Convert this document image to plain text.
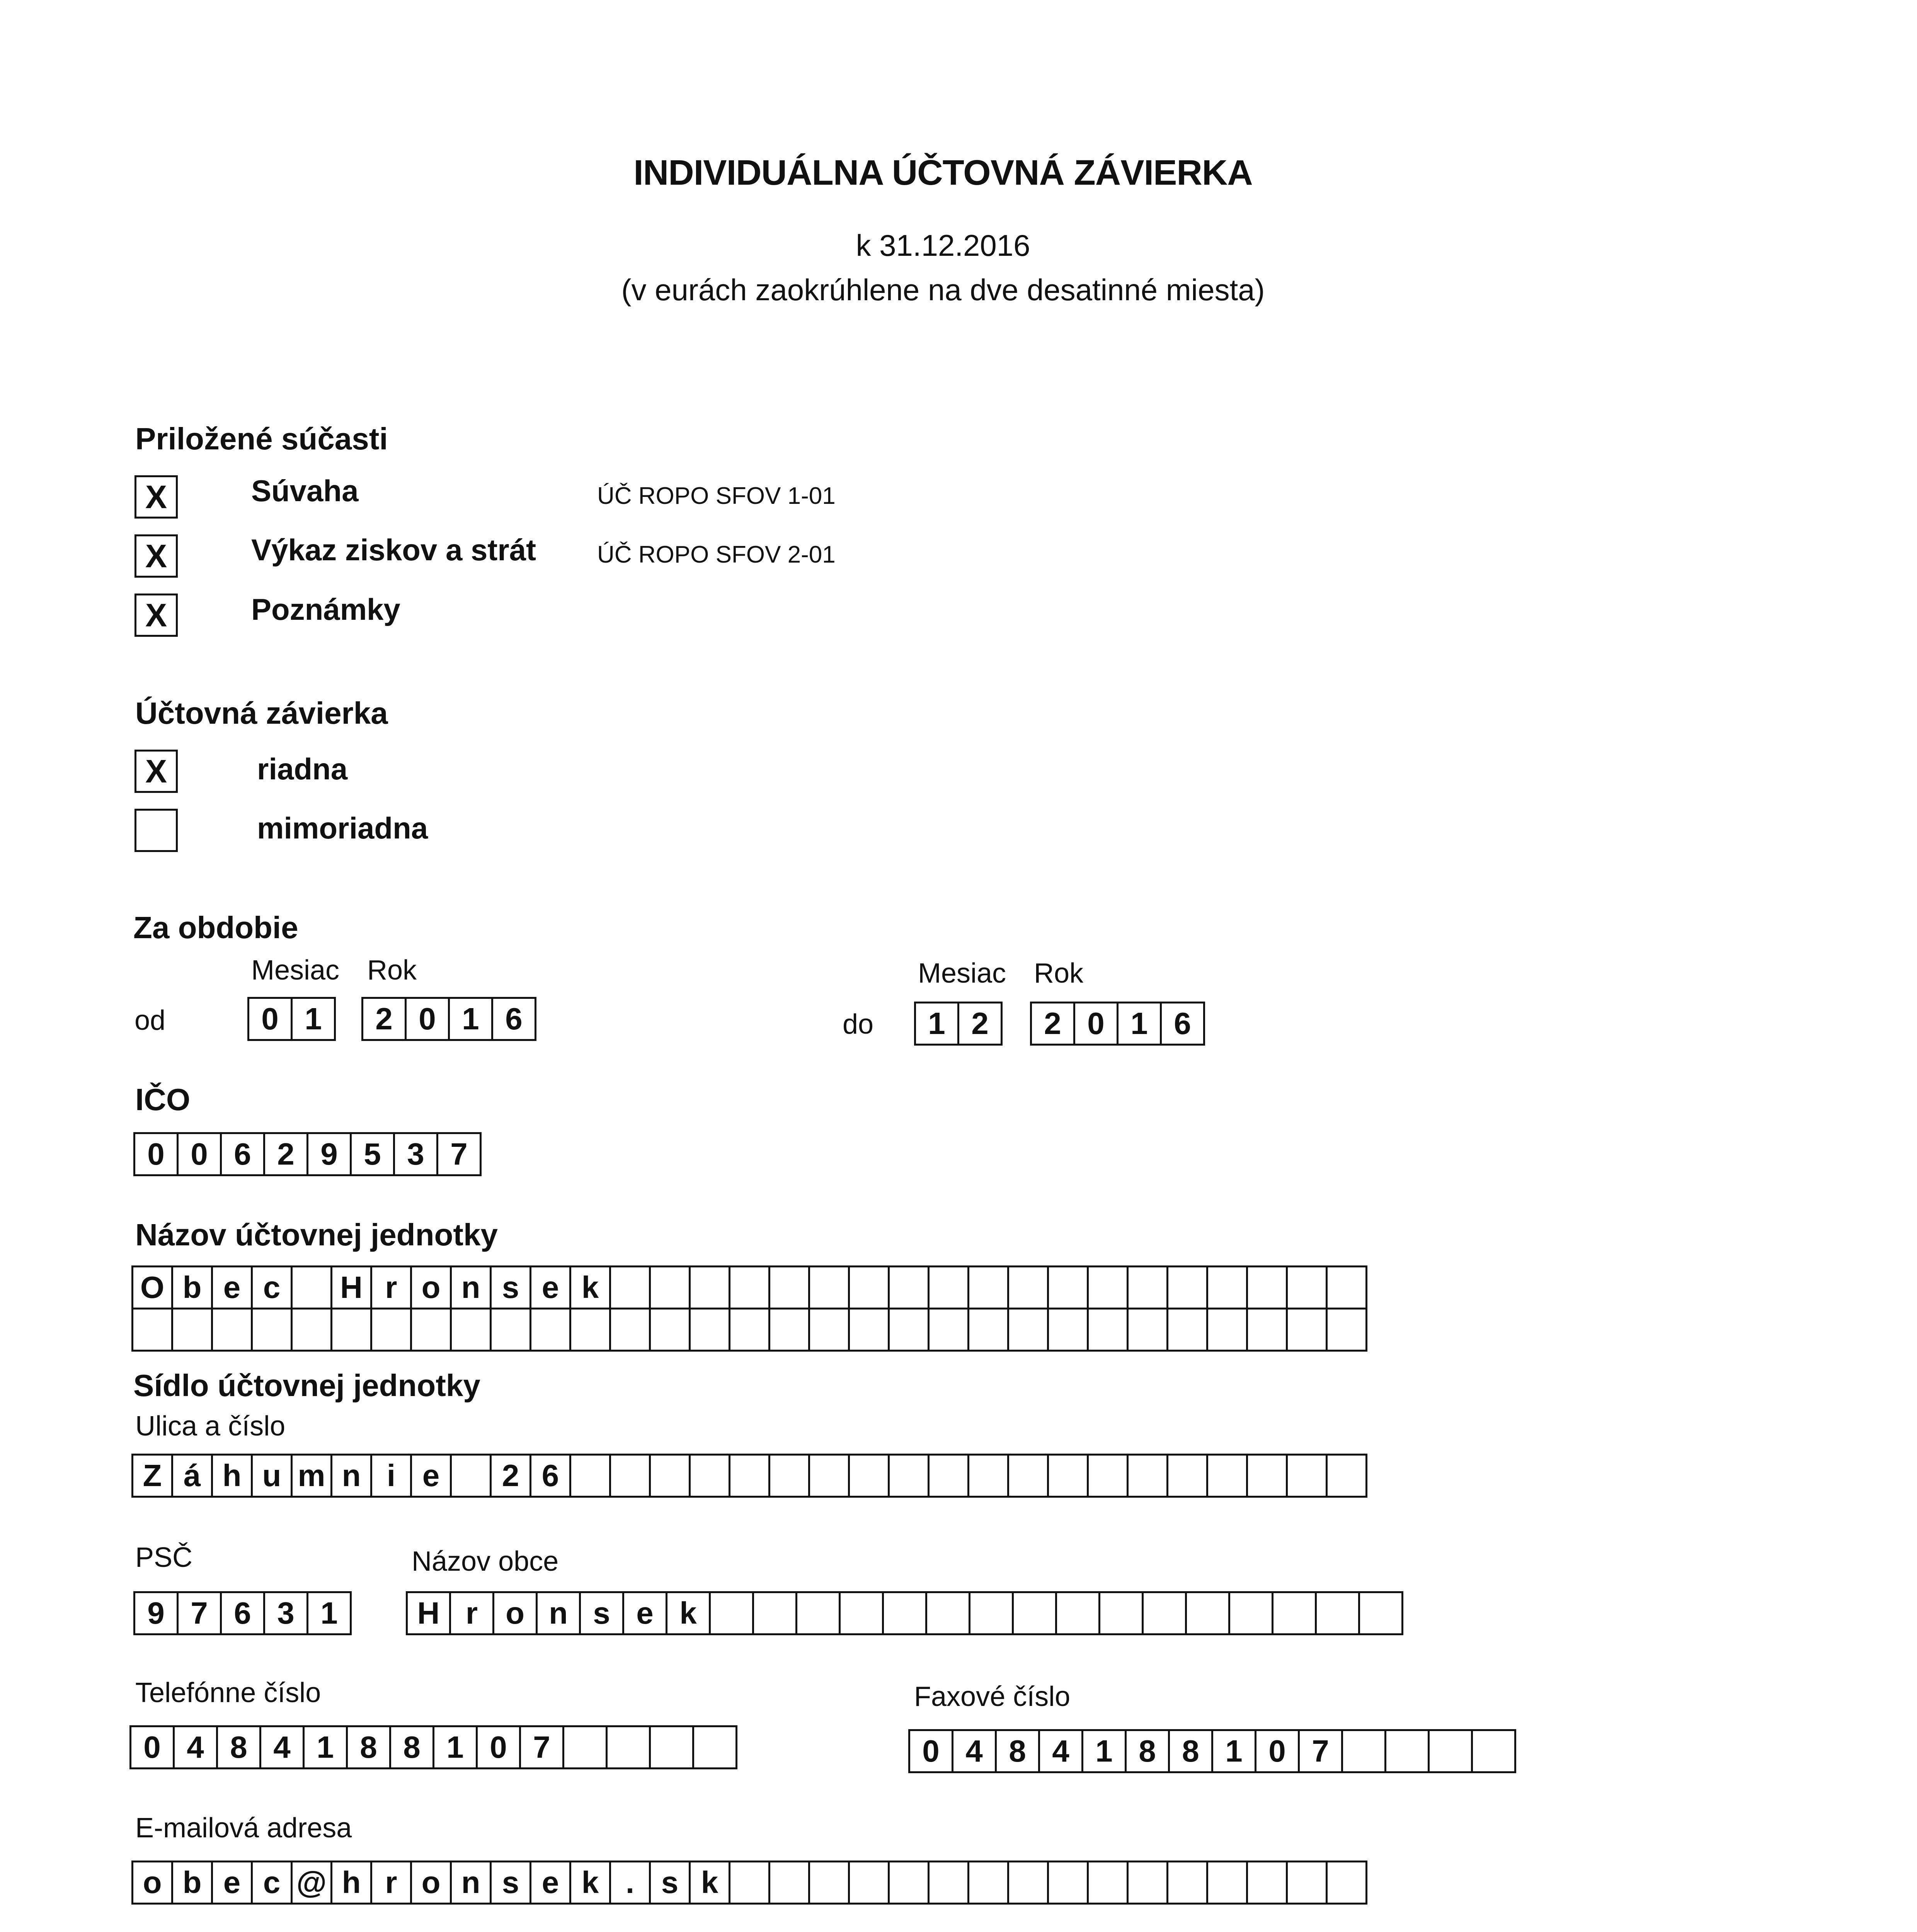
INDIVIDUÁLNA ÚČTOVNÁ ZÁVIERKA
k 31.12.2016
(v eurách zaokrúhlene na dve desatinné miesta)
Priložené súčasti
X	Súvaha	ÚČ ROPO SFOV 1-01
X	Výkaz ziskov a strát	ÚČ ROPO SFOV 2-01
X	Poznámky
Účtovná závierka
X	riadna
mimoriadna
Za obdobie
Mesiac Rok	Mesiac Rok
od	0 1	2 0 1 6	do	1 2	2 0 1 6
IČO
0 0 6 2 9 5 3 7
Názov účtovnej jednotky
O b e c	H r o n s e k
Sídlo účtovnej jednotky
Ulica a číslo
Z á h u m n i e	2 6
PSČ	Názov obce
9 7 6 3 1	H r o n s e k
Telefónne číslo	Faxové číslo
0 4 8 4 1 8 8 1 0 7	0 4 8 4 1 8 8 1 0 7
E-mailová adresa
o b e c @ h r o n s e k . s k
